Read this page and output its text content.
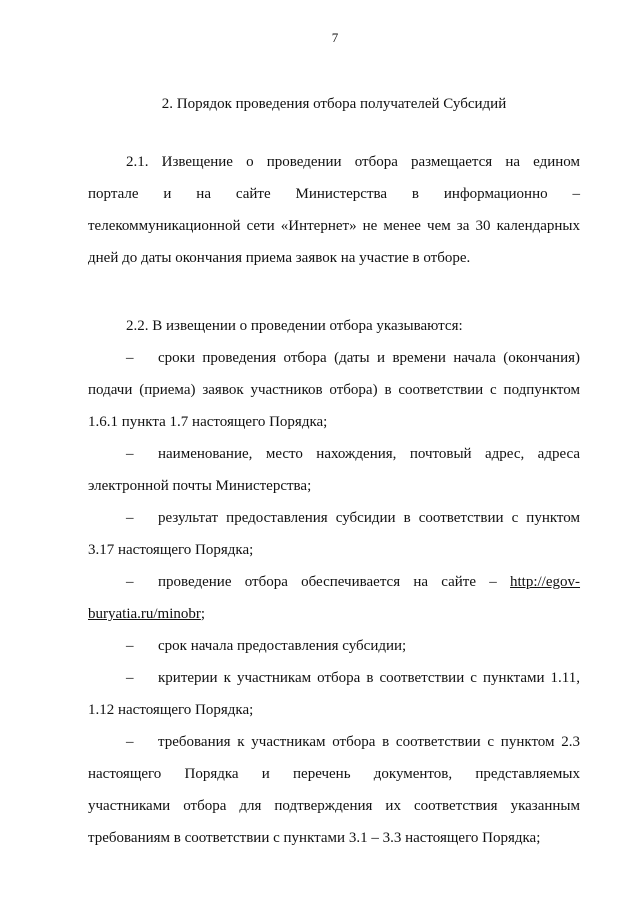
7
2. Порядок проведения отбора получателей Субсидий

2.1. Извещение о проведении отбора размещается на едином

портале и на сайте Министерства в информационно –

телекоммуникационной сети «Интернет» не менее чем за 30 календарных

дней до даты окончания приема заявок на участие в отборе.

2.2. В извещении о проведении отбора указываются:

– сроки проведения отбора (даты и времени начала (окончания)

подачи (приема) заявок участников отбора) в соответствии с подпунктом

1.6.1 пункта 1.7 настоящего Порядка;

– наименование, место нахождения, почтовый адрес, адреса

электронной почты Министерства;

– результат предоставления субсидии в соответствии с пунктом

3.17 настоящего Порядка;

– проведение отбора обеспечивается на сайте – http://egov-

buryatia.ru/minobr;

– срок начала предоставления субсидии;

– критерии к участникам отбора в соответствии с пунктами 1.11,

1.12 настоящего Порядка;

– требования к участникам отбора в соответствии с пунктом 2.3

настоящего Порядка и перечень документов, представляемых

участниками отбора для подтверждения их соответствия указанным

требованиям в соответствии с пунктами 3.1 – 3.3 настоящего Порядка;
